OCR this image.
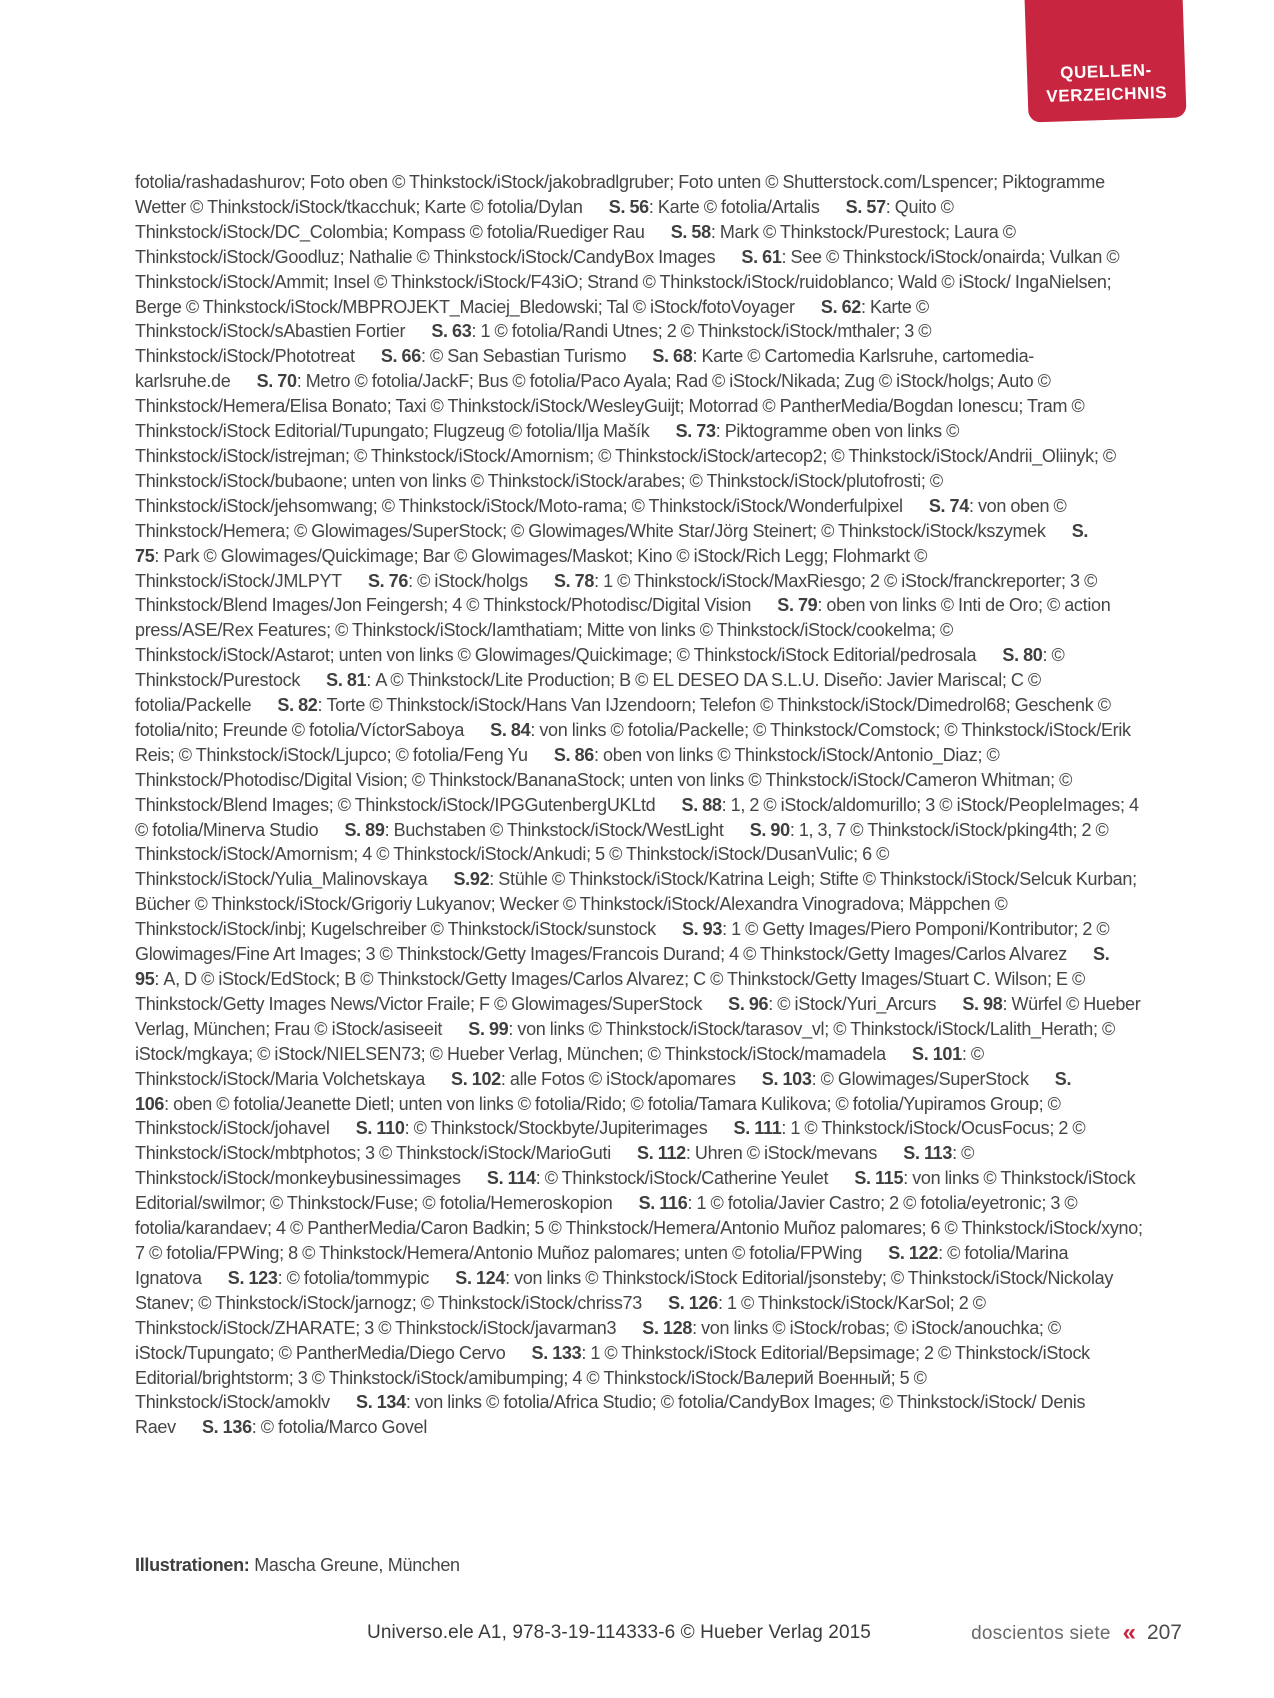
QUELLEN-
VERZEICHNIS
fotolia/rashadashurov; Foto oben © Thinkstock/iStock/jakobradlgruber; Foto unten © Shutterstock.com/Lspencer; Piktogramme Wetter © Thinkstock/iStock/tkacchuk; Karte © fotolia/Dylan    S. 56: Karte © fotolia/Artalis    S. 57: Quito © Thinkstock/iStock/DC_Colombia; Kompass © fotolia/Ruediger Rau    S. 58: Mark © Thinkstock/Purestock; Laura © Thinkstock/iStock/Goodluz; Nathalie © Thinkstock/iStock/CandyBox Images    S. 61: See © Thinkstock/iStock/onairda; Vulkan © Thinkstock/iStock/Ammit; Insel © Thinkstock/iStock/F43iO; Strand © Thinkstock/iStock/ruidoblanco; Wald © iStock/ IngaNielsen; Berge © Thinkstock/iStock/MBPROJEKT_Maciej_Bledowski; Tal © iStock/fotoVoyager    S. 62: Karte © Thinkstock/iStock/sAbastien Fortier    S. 63: 1 © fotolia/Randi Utnes; 2 © Thinkstock/iStock/mthaler; 3 © Thinkstock/iStock/Phototreat    S. 66: © San Sebastian Turismo    S. 68: Karte © Cartomedia Karlsruhe, cartomedia-karlsruhe.de    S. 70: Metro © fotolia/JackF; Bus © fotolia/Paco Ayala; Rad © iStock/Nikada; Zug © iStock/holgs; Auto © Thinkstock/Hemera/Elisa Bonato; Taxi © Thinkstock/iStock/WesleyGuijt; Motorrad © PantherMedia/Bogdan Ionescu; Tram © Thinkstock/iStock Editorial/Tupungato; Flugzeug © fotolia/Ilja Mašík    S. 73: Piktogramme oben von links © Thinkstock/iStock/istrejman; © Thinkstock/iStock/Amornism; © Thinkstock/iStock/artecop2; © Thinkstock/iStock/Andrii_Oliinyk; © Thinkstock/iStock/bubaone; unten von links © Thinkstock/iStock/arabes; © Thinkstock/iStock/plutofrosti; © Thinkstock/iStock/jehsomwang; © Thinkstock/iStock/Moto-rama; © Thinkstock/iStock/Wonderfulpixel    S. 74: von oben © Thinkstock/Hemera; © Glowimages/SuperStock; © Glowimages/White Star/Jörg Steinert; © Thinkstock/iStock/kszymek    S. 75: Park © Glowimages/Quickimage; Bar © Glowimages/Maskot; Kino © iStock/Rich Legg; Flohmarkt © Thinkstock/iStock/JMLPYT    S. 76: © iStock/holgs    S. 78: 1 © Thinkstock/iStock/MaxRiesgo; 2 © iStock/franckreporter; 3 © Thinkstock/Blend Images/Jon Feingersh; 4 © Thinkstock/Photodisc/Digital Vision    S. 79: oben von links © Inti de Oro; © action press/ASE/Rex Features; © Thinkstock/iStock/Iamthatiam; Mitte von links © Thinkstock/iStock/cookelma; © Thinkstock/iStock/Astarot; unten von links © Glowimages/Quickimage; © Thinkstock/iStock Editorial/pedrosala    S. 80: © Thinkstock/Purestock    S. 81: A © Thinkstock/Lite Production; B © EL DESEO DA S.L.U. Diseño: Javier Mariscal; C © fotolia/Packelle    S. 82: Torte © Thinkstock/iStock/Hans Van IJzendoorn; Telefon © Thinkstock/iStock/Dimedrol68; Geschenk © fotolia/nito; Freunde © fotolia/VíctorSaboya    S. 84: von links © fotolia/Packelle; © Thinkstock/Comstock; © Thinkstock/iStock/Erik Reis; © Thinkstock/iStock/Ljupco; © fotolia/Feng Yu    S. 86: oben von links © Thinkstock/iStock/Antonio_Diaz; © Thinkstock/Photodisc/Digital Vision; © Thinkstock/BananaStock; unten von links © Thinkstock/iStock/Cameron Whitman; © Thinkstock/Blend Images; © Thinkstock/iStock/IPGGutenbergUKLtd    S. 88: 1, 2 © iStock/aldomurillo; 3 © iStock/PeopleImages; 4 © fotolia/Minerva Studio    S. 89: Buchstaben © Thinkstock/iStock/WestLight    S. 90: 1, 3, 7 © Thinkstock/iStock/pking4th; 2 © Thinkstock/iStock/Amornism; 4 © Thinkstock/iStock/Ankudi; 5 © Thinkstock/iStock/DusanVulic; 6 © Thinkstock/iStock/Yulia_Malinovskaya    S.92: Stühle © Thinkstock/iStock/Katrina Leigh; Stifte © Thinkstock/iStock/Selcuk Kurban; Bücher © Thinkstock/iStock/Grigoriy Lukyanov; Wecker © Thinkstock/iStock/Alexandra Vinogradova; Mäppchen © Thinkstock/iStock/inbj; Kugelschreiber © Thinkstock/iStock/sunstock    S. 93: 1 © Getty Images/Piero Pomponi/Kontributor; 2 © Glowimages/Fine Art Images; 3 © Thinkstock/Getty Images/Francois Durand; 4 © Thinkstock/Getty Images/Carlos Alvarez    S. 95: A, D © iStock/EdStock; B © Thinkstock/Getty Images/Carlos Alvarez; C © Thinkstock/Getty Images/Stuart C. Wilson; E © Thinkstock/Getty Images News/Victor Fraile; F © Glowimages/SuperStock    S. 96: © iStock/Yuri_Arcurs    S. 98: Würfel © Hueber Verlag, München; Frau © iStock/asiseeit    S. 99: von links © Thinkstock/iStock/tarasov_vl; © Thinkstock/iStock/Lalith_Herath; © iStock/mgkaya; © iStock/NIELSEN73; © Hueber Verlag, München; © Thinkstock/iStock/mamadela    S. 101: © Thinkstock/iStock/Maria Volchetskaya    S. 102: alle Fotos © iStock/apomares    S. 103: © Glowimages/SuperStock    S. 106: oben © fotolia/Jeanette Dietl; unten von links © fotolia/Rido; © fotolia/Tamara Kulikova; © fotolia/Yupiramos Group; © Thinkstock/iStock/johavel    S. 110: © Thinkstock/Stockbyte/Jupiterimages    S. 111: 1 © Thinkstock/iStock/OcusFocus; 2 © Thinkstock/iStock/mbtphotos; 3 © Thinkstock/iStock/MarioGuti    S. 112: Uhren © iStock/mevans    S. 113: © Thinkstock/iStock/monkeybusinessimages    S. 114: © Thinkstock/iStock/Catherine Yeulet    S. 115: von links © Thinkstock/iStock Editorial/swilmor; © Thinkstock/Fuse; © fotolia/Hemeroskopion    S. 116: 1 © fotolia/Javier Castro; 2 © fotolia/eyetronic; 3 © fotolia/karandaev; 4 © PantherMedia/Caron Badkin; 5 © Thinkstock/Hemera/Antonio Muñoz palomares; 6 © Thinkstock/iStock/xyno; 7 © fotolia/FPWing; 8 © Thinkstock/Hemera/Antonio Muñoz palomares; unten © fotolia/FPWing    S. 122: © fotolia/Marina Ignatova    S. 123: © fotolia/tommypic    S. 124: von links © Thinkstock/iStock Editorial/jsonsteby; © Thinkstock/iStock/Nickolay Stanev; © Thinkstock/iStock/jarnogz; © Thinkstock/iStock/chriss73    S. 126: 1 © Thinkstock/iStock/KarSol; 2 © Thinkstock/iStock/ZHARATE; 3 © Thinkstock/iStock/javarman3    S. 128: von links © iStock/robas; © iStock/anouchka; © iStock/Tupungato; © PantherMedia/Diego Cervo    S. 133: 1 © Thinkstock/iStock Editorial/Bepsimage; 2 © Thinkstock/iStock Editorial/brightstorm; 3 © Thinkstock/iStock/amibumping; 4 © Thinkstock/iStock/Валерий Военный; 5 © Thinkstock/iStock/amoklv    S. 134: von links © fotolia/Africa Studio; © fotolia/CandyBox Images; © Thinkstock/iStock/ Denis Raev    S. 136: © fotolia/Marco Govel

Illustrationen: Mascha Greune, München

Universo.ele A1, 978-3-19-114333-6 © Hueber Verlag 2015	doscientos siete « 207
